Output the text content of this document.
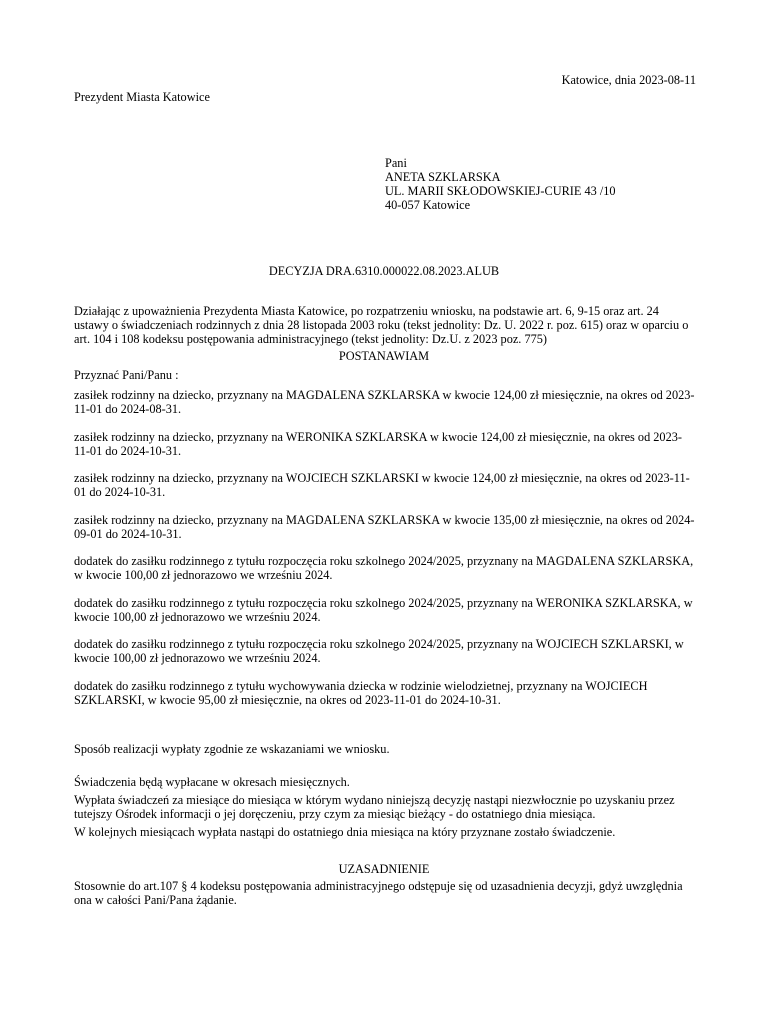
Katowice, dnia 2023-08-11
Prezydent Miasta Katowice
Pani
ANETA SZKLARSKA
UL. MARII SKŁODOWSKIEJ-CURIE 43 /10
40-057 Katowice
DECYZJA DRA.6310.000022.08.2023.ALUB

Działając z upoważnienia Prezydenta Miasta Katowice, po rozpatrzeniu wniosku, na podstawie art. 6, 9-15 oraz art. 24 ustawy o świadczeniach rodzinnych z dnia 28 listopada 2003 roku (tekst jednolity: Dz. U. 2022 r. poz. 615) oraz w oparciu o art. 104 i 108 kodeksu postępowania administracyjnego (tekst jednolity: Dz.U. z 2023 poz. 775)

POSTANAWIAM
Przyznać Pani/Panu :

zasiłek rodzinny na dziecko, przyznany na MAGDALENA SZKLARSKA w kwocie 124,00 zł miesięcznie, na okres od 2023-11-01 do 2024-08-31.

zasiłek rodzinny na dziecko, przyznany na WERONIKA SZKLARSKA w kwocie 124,00 zł miesięcznie, na okres od 2023-11-01 do 2024-10-31.

zasiłek rodzinny na dziecko, przyznany na WOJCIECH SZKLARSKI w kwocie 124,00 zł miesięcznie, na okres od 2023-11-01 do 2024-10-31.

zasiłek rodzinny na dziecko, przyznany na MAGDALENA SZKLARSKA w kwocie 135,00 zł miesięcznie, na okres od 2024-09-01 do 2024-10-31.

dodatek do zasiłku rodzinnego z tytułu rozpoczęcia roku szkolnego 2024/2025, przyznany na MAGDALENA SZKLARSKA, w kwocie 100,00 zł jednorazowo we wrześniu 2024.

dodatek do zasiłku rodzinnego z tytułu rozpoczęcia roku szkolnego 2024/2025, przyznany na WERONIKA SZKLARSKA, w kwocie 100,00 zł jednorazowo we wrześniu 2024.

dodatek do zasiłku rodzinnego z tytułu rozpoczęcia roku szkolnego 2024/2025, przyznany na WOJCIECH SZKLARSKI, w kwocie 100,00 zł jednorazowo we wrześniu 2024.

dodatek do zasiłku rodzinnego z tytułu wychowywania dziecka w rodzinie wielodzietnej, przyznany na WOJCIECH SZKLARSKI, w kwocie 95,00 zł miesięcznie, na okres od 2023-11-01 do 2024-10-31.

Sposób realizacji wypłaty zgodnie ze wskazaniami we wniosku.

Świadczenia będą wypłacane w okresach miesięcznych.

Wypłata świadczeń za miesiące do miesiąca w którym wydano niniejszą decyzję nastąpi niezwłocznie po uzyskaniu przez tutejszy Ośrodek informacji o jej doręczeniu, przy czym za miesiąc bieżący - do ostatniego dnia miesiąca.

W kolejnych miesiącach wypłata nastąpi do ostatniego dnia miesiąca na który przyznane zostało świadczenie.

UZASADNIENIE

Stosownie do art.107 § 4 kodeksu postępowania administracyjnego odstępuje się od uzasadnienia decyzji, gdyż uwzględnia ona w całości Pani/Pana żądanie.
